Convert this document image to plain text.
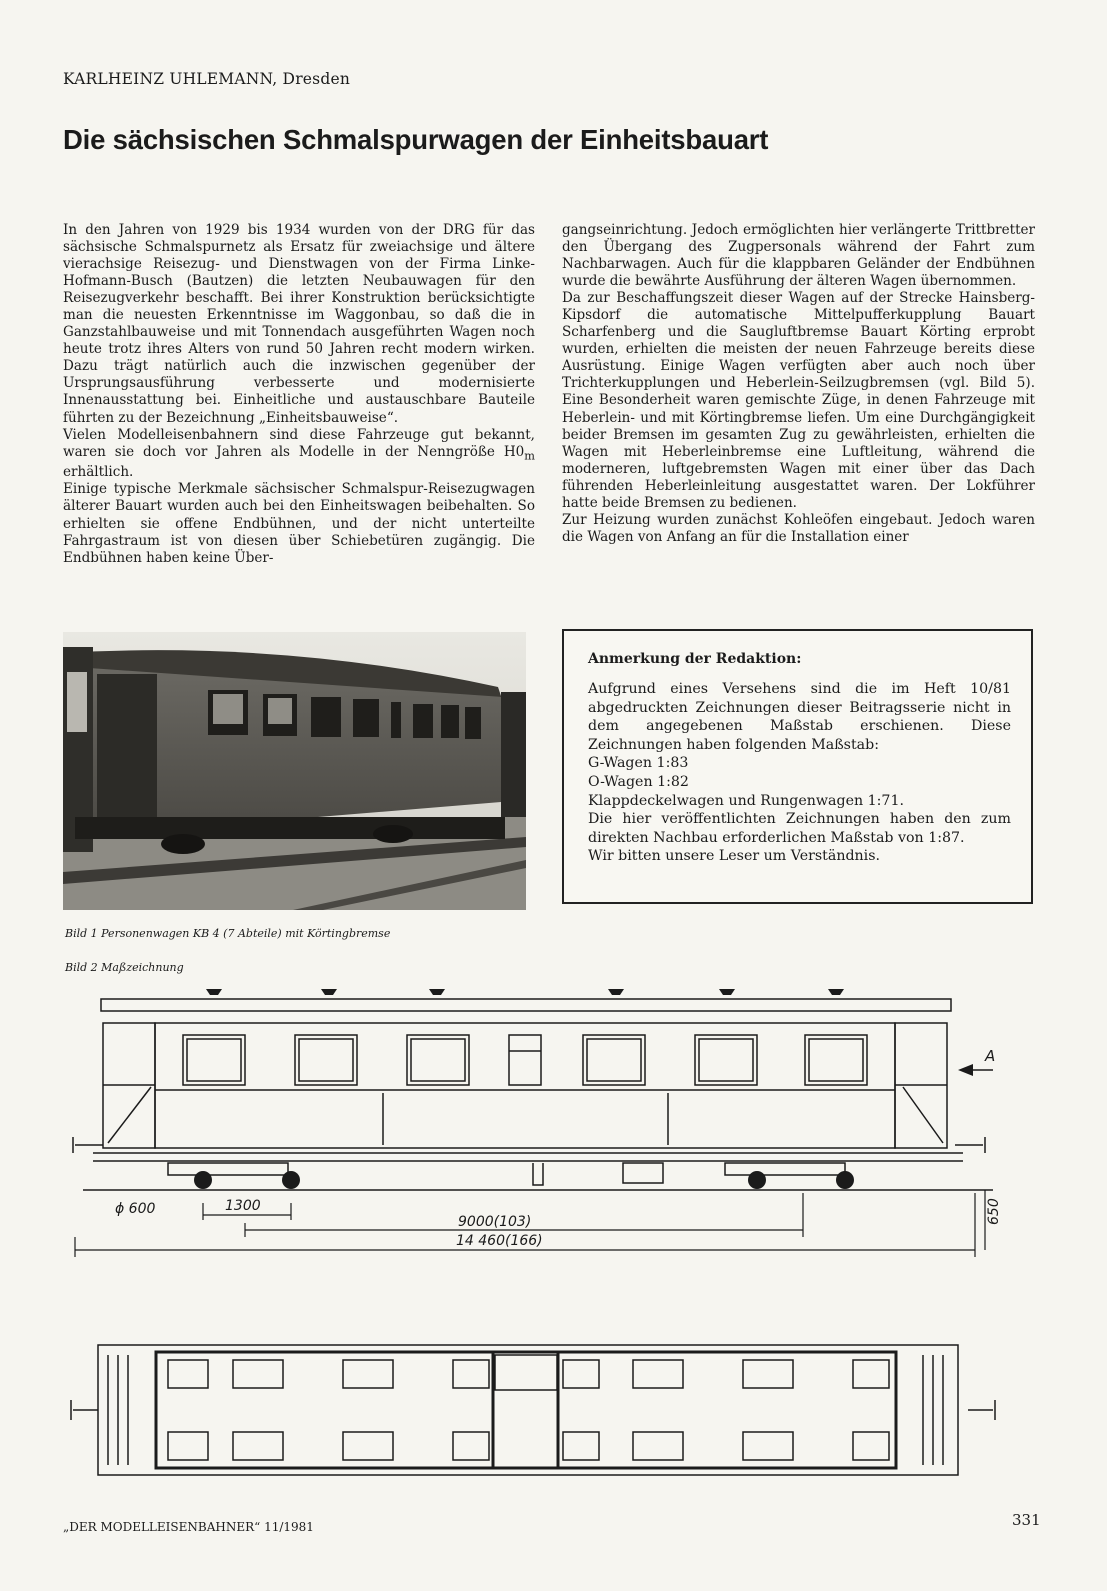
KARLHEINZ UHLEMANN, Dresden
Die sächsischen Schmalspurwagen der Einheitsbauart

In den Jahren von 1929 bis 1934 wurden von der DRG für das sächsische Schmalspurnetz als Ersatz für zweiachsige und ältere vierachsige Reisezug- und Dienstwagen von der Firma Linke-Hofmann-Busch (Bautzen) die letzten Neubauwagen für den Reisezugverkehr beschafft. Bei ihrer Konstruktion berücksichtigte man die neuesten Erkenntnisse im Waggonbau, so daß die in Ganzstahlbauweise und mit Tonnendach ausgeführten Wagen noch heute trotz ihres Alters von rund 50 Jahren recht modern wirken. Dazu trägt natürlich auch die inzwischen gegenüber der Ursprungsausführung verbesserte und modernisierte Innenausstattung bei. Einheitliche und austauschbare Bauteile führten zu der Bezeichnung „Einheitsbauweise“.

Vielen Modelleisenbahnern sind diese Fahrzeuge gut bekannt, waren sie doch vor Jahren als Modelle in der Nenngröße $H0_m$ erhältlich.

Einige typische Merkmale sächsischer Schmalspur-Reisezugwagen älterer Bauart wurden auch bei den Einheitswagen beibehalten. So erhielten sie offene Endbühnen, und der nicht unterteilte Fahrgastraum ist von diesen über Schiebetüren zugängig. Die Endbühnen haben keine Über-

gangseinrichtung. Jedoch ermöglichten hier verlängerte Trittbretter den Übergang des Zugpersonals während der Fahrt zum Nachbarwagen. Auch für die klappbaren Geländer der Endbühnen wurde die bewährte Ausführung der älteren Wagen übernommen.

Da zur Beschaffungszeit dieser Wagen auf der Strecke Hainsberg-Kipsdorf die automatische Mittelpufferkupplung Bauart Scharfenberg und die Saugluftbremse Bauart Körting erprobt wurden, erhielten die meisten der neuen Fahrzeuge bereits diese Ausrüstung. Einige Wagen verfügten aber auch noch über Trichterkupplungen und Heberlein-Seilzugbremsen (vgl. Bild 5). Eine Besonderheit waren gemischte Züge, in denen Fahrzeuge mit Heberlein- und mit Körtingbremse liefen. Um eine Durchgängigkeit beider Bremsen im gesamten Zug zu gewährleisten, erhielten die Wagen mit Heberleinbremse eine Luftleitung, während die moderneren, luftgebremsten Wagen mit einer über das Dach führenden Heberleinleitung ausgestattet waren. Der Lokführer hatte beide Bremsen zu bedienen.

Zur Heizung wurden zunächst Kohleöfen eingebaut. Jedoch waren die Wagen von Anfang an für die Installation einer

Anmerkung der Redaktion:

Aufgrund eines Versehens sind die im Heft 10/81 abgedruckten Zeichnungen dieser Beitragsserie nicht in dem angegebenen Maßstab erschienen. Diese Zeichnungen haben folgenden Maßstab:

G-Wagen 1:83

O-Wagen 1:82

Klappdeckelwagen und Rungenwagen 1:71.

Die hier veröffentlichten Zeichnungen haben den zum direkten Nachbau erforderlichen Maßstab von 1:87.

Wir bitten unsere Leser um Verständnis.

Bild 1 Personenwagen KB 4 (7 Abteile) mit Körtingbremse
Bild 2 Maßzeichnung
A
ϕ 600	1300
9000(103)
14 460(166)
650
„DER MODELLEISENBAHNER“ 11/1981	331
